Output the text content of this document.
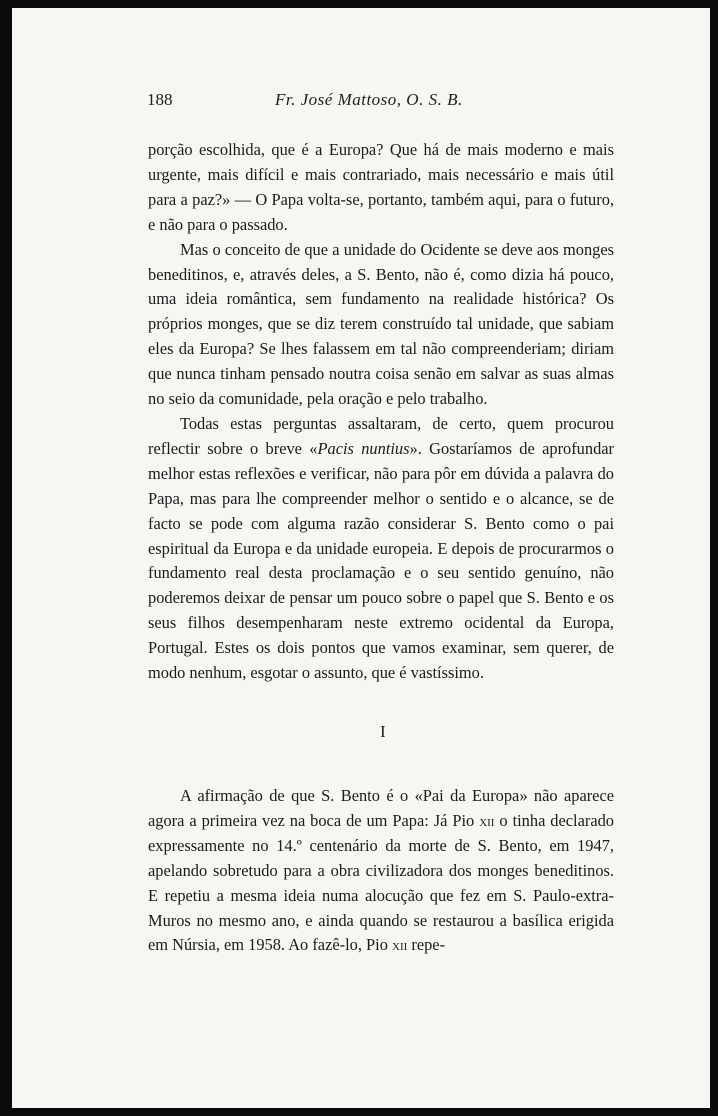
188	Fr. José Mattoso, O. S. B.

porção escolhida, que é a Europa? Que há de mais moderno e mais urgente, mais difícil e mais contrariado, mais necessário e mais útil para a paz?» — O Papa volta-se, portanto, também aqui, para o futuro, e não para o passado.

Mas o conceito de que a unidade do Ocidente se deve aos monges beneditinos, e, através deles, a S. Bento, não é, como dizia há pouco, uma ideia romântica, sem fundamento na realidade histórica? Os próprios monges, que se diz terem construído tal unidade, que sabiam eles da Europa? Se lhes falassem em tal não compreenderiam; diriam que nunca tinham pensado noutra coisa senão em salvar as suas almas no seio da comunidade, pela oração e pelo trabalho.

Todas estas perguntas assaltaram, de certo, quem procurou reflectir sobre o breve «Pacis nuntius». Gostaríamos de aprofundar melhor estas reflexões e verificar, não para pôr em dúvida a palavra do Papa, mas para lhe compreender melhor o sentido e o alcance, se de facto se pode com alguma razão considerar S. Bento como o pai espiritual da Europa e da unidade europeia. E depois de procurarmos o fundamento real desta proclamação e o seu sentido genuíno, não poderemos deixar de pensar um pouco sobre o papel que S. Bento e os seus filhos desempenharam neste extremo ocidental da Europa, Portugal. Estes os dois pontos que vamos examinar, sem querer, de modo nenhum, esgotar o assunto, que é vastíssimo.

I

A afirmação de que S. Bento é o «Pai da Europa» não aparece agora a primeira vez na boca de um Papa: Já Pio xii o tinha declarado expressamente no 14.º centenário da morte de S. Bento, em 1947, apelando sobretudo para a obra civilizadora dos monges beneditinos. E repetiu a mesma ideia numa alocução que fez em S. Paulo-extra-Muros no mesmo ano, e ainda quando se restaurou a basílica erigida em Núrsia, em 1958. Ao fazê-lo, Pio xii repe-
